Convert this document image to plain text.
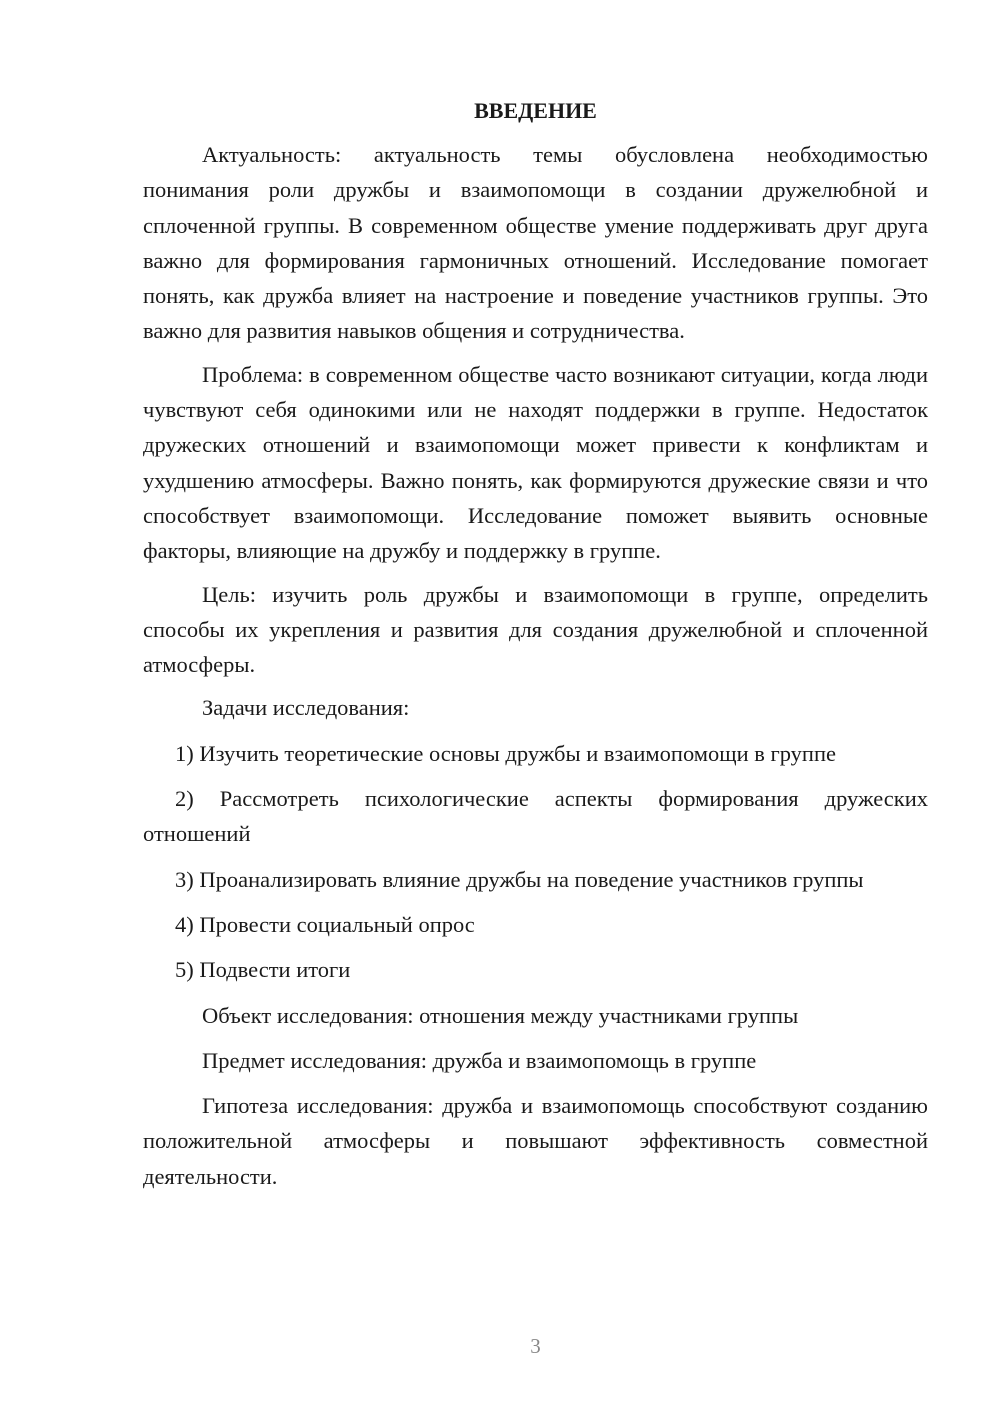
ВВЕДЕНИЕ

Актуальность: актуальность темы обусловлена необходимостью понимания роли дружбы и взаимопомощи в создании дружелюбной и сплоченной группы. В современном обществе умение поддерживать друг друга важно для формирования гармоничных отношений. Исследование помогает понять, как дружба влияет на настроение и поведение участников группы. Это важно для развития навыков общения и сотрудничества.

Проблема: в современном обществе часто возникают ситуации, когда люди чувствуют себя одинокими или не находят поддержки в группе. Недостаток дружеских отношений и взаимопомощи может привести к конфликтам и ухудшению атмосферы. Важно понять, как формируются дружеские связи и что способствует взаимопомощи. Исследование поможет выявить основные факторы, влияющие на дружбу и поддержку в группе.

Цель: изучить роль дружбы и взаимопомощи в группе, определить способы их укрепления и развития для создания дружелюбной и сплоченной атмосферы.

Задачи исследования:

1) Изучить теоретические основы дружбы и взаимопомощи в группе

2) Рассмотреть психологические аспекты формирования дружеских отношений

3) Проанализировать влияние дружбы на поведение участников группы

4) Провести социальный опрос

5) Подвести итоги

Объект исследования: отношения между участниками группы

Предмет исследования: дружба и взаимопомощь в группе

Гипотеза исследования: дружба и взаимопомощь способствуют созданию положительной атмосферы и повышают эффективность совместной деятельности.

3
